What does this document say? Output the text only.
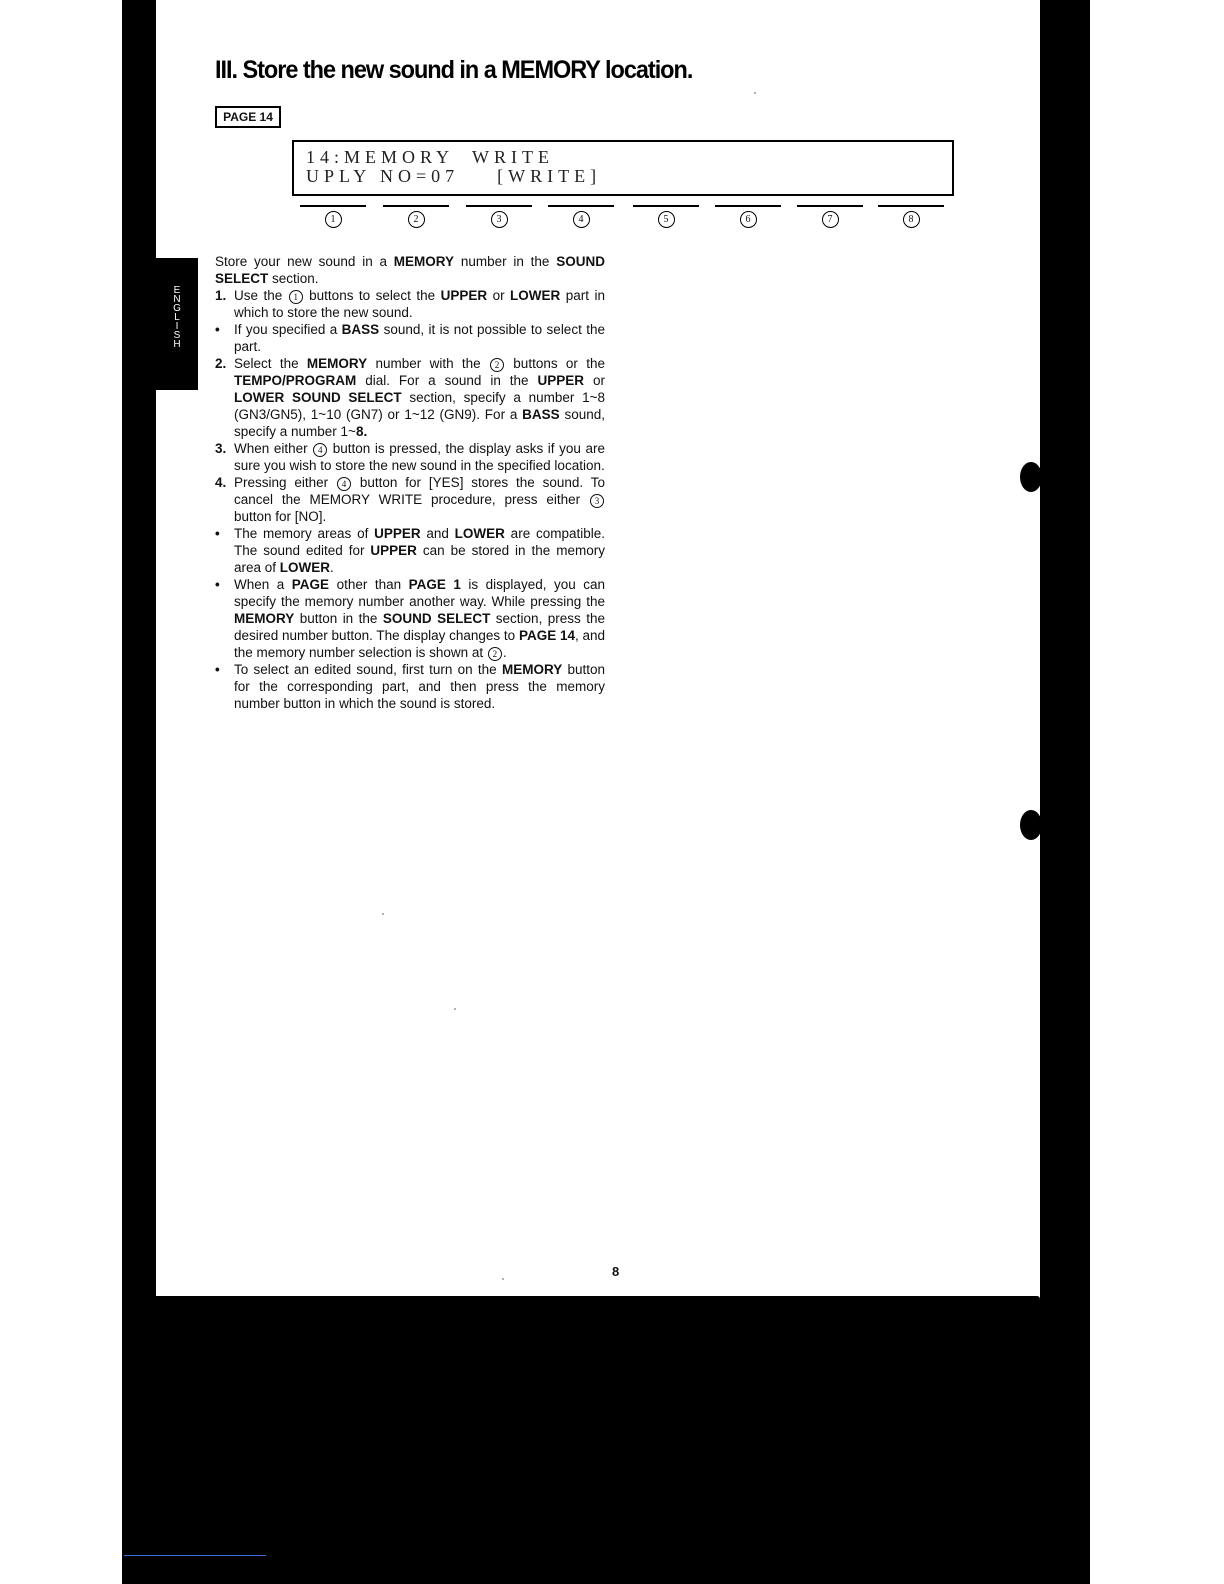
E
N
G
L
I
S
H
III. Store the new sound in a MEMORY location.
PAGE 14
14:MEMORY  WRITE
UPLY NO=07    [WRITE]
1	2	3	4	5	6	7	8

Store your new sound in a MEMORY number in the SOUND SELECT section.

1. Use the 1 buttons to select the UPPER or LOWER part in which to store the new sound.
• If you specified a BASS sound, it is not possible to select the part.
2. Select the MEMORY number with the 2 buttons or the TEMPO/PROGRAM dial. For a sound in the UPPER or LOWER SOUND SELECT section, specify a number 1~8 (GN3/GN5), 1~10 (GN7) or 1~12 (GN9). For a BASS sound, specify a number 1~8.
3. When either 4 button is pressed, the display asks if you are sure you wish to store the new sound in the specified location.
4. Pressing either 4 button for [YES] stores the sound. To cancel the MEMORY WRITE procedure, press either 3 button for [NO].
• The memory areas of UPPER and LOWER are compatible. The sound edited for UPPER can be stored in the memory area of LOWER.
• When a PAGE other than PAGE 1 is displayed, you can specify the memory number another way. While pressing the MEMORY button in the SOUND SELECT section, press the desired number button. The display changes to PAGE 14, and the memory number selection is shown at 2 .
• To select an edited sound, first turn on the MEMORY button for the corresponding part, and then press the memory number button in which the sound is stored.
8
